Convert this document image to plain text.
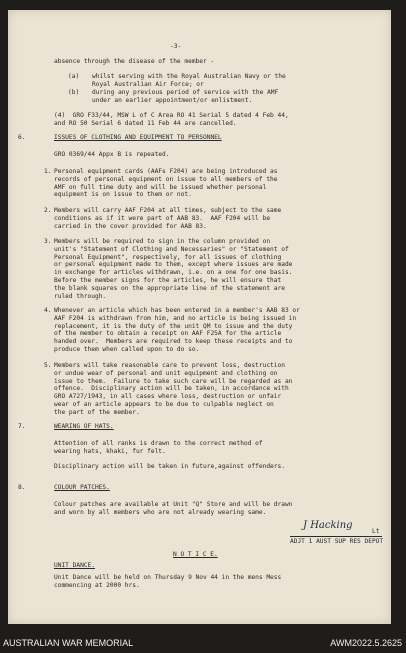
-3-
absence through the disease of the member -
(a) whilst serving with the Royal Australian Navy or the
Royal Australian Air Force; or
(b) during any previous period of service with the AMF
under an earlier appointment/or enlistment.
(4)  GRO F33/44, MSW L of C Area RO 41 Serial 5 dated 4 Feb 44,
and RO 50 Serial 6 dated 11 Feb 44 are cancelled.
6.	ISSUES OF CLOTHING AND EQUIPMENT TO PERSONNEL
GRO 0369/44 Appx B is repeated.
1. Personal equipment cards (AAFs F204) are being introduced as
records of personal equipment on issue to all members of the
AMF on full time duty and will be issued whether personal
equipment is on issue to them or not.
2. Members will carry AAF F204 at all times, subject to the same
conditions as if it were part of AAB 83.  AAF F204 will be
carried in the cover provided for AAB 83.
3. Members will be required to sign in the column provided on
unit's "Statement of Clothing and Necessaries" or "Statement of
Personal Equipment", respectively, for all issues of clothing
or personal equipment made to them, except where issues are made
in exchange for articles withdrawn, i.e. on a one for one basis.
Before the member signs for the articles, he will ensure that
the blank squares on the appropriate line of the statement are
ruled through.
4. Whenever an article which has been entered in a member's AAB 83 or
AAF F204 is withdrawn from him, and no article is being issued in
replacement, it is the duty of the unit QM to issue and the duty
of the member to obtain a receipt on AAF F25A for the article
handed over.  Members are required to keep these receipts and to
produce them when called upon to do so.
5. Members will take reasonable care to prevent loss, destruction
or undue wear of personal and unit equipment and clothing on
issue to them.  Failure to take such care will be regarded as an
offence.  Disciplinary action will be taken, in accordance with
GRO A727/1943, in all cases where loss, destruction or unfair
wear of an article appears to be due to culpable neglect on
the part of the member.
7.	WEARING OF HATS.
Attention of all ranks is drawn to the correct method of
wearing hats, khaki, fur felt.
Disciplinary action will be taken in future,against offenders.
8.	COLOUR PATCHES.
Colour patches are available at Unit "Q" Store and will be drawn
and worn by all members who are not already wearing same.
J Hacking
Lt
ADJT 1 AUST SUP RES DEPOT
N O T I C E.
UNIT DANCE.
Unit Dance will be held on Thursday 9 Nov 44 in the mens Mess
commencing at 2000 hrs.
AUSTRALIAN WAR MEMORIAL	AWM2022.5.2625
